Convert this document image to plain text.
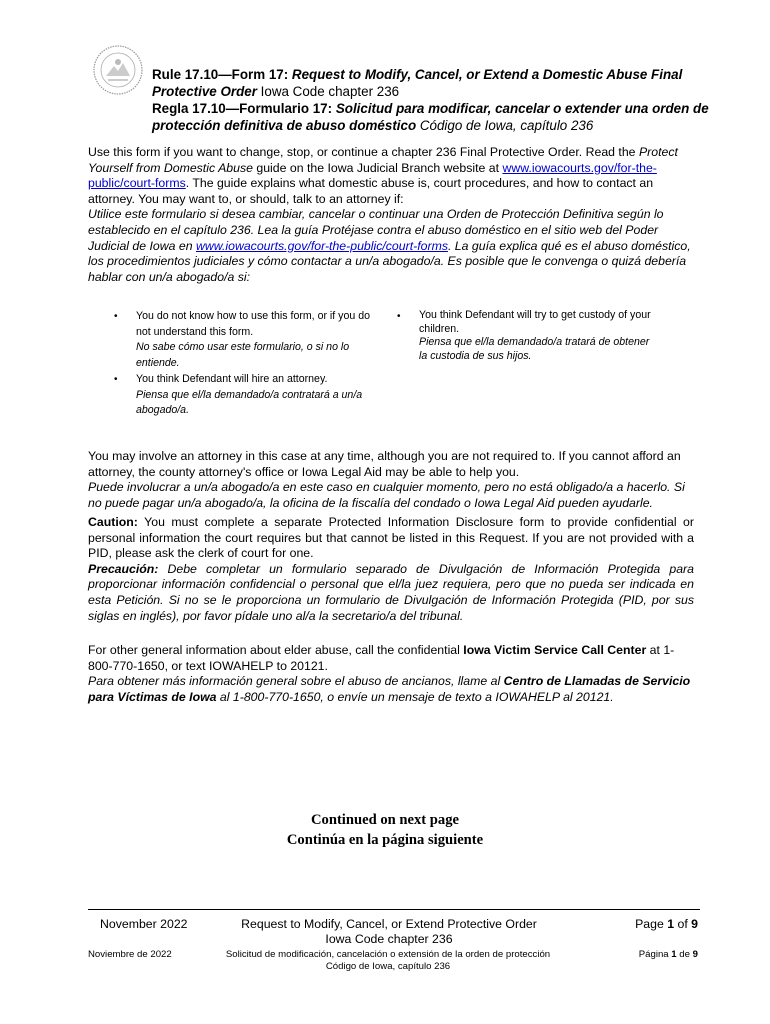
Rule 17.10—Form 17: Request to Modify, Cancel, or Extend a Domestic Abuse Final Protective Order Iowa Code chapter 236
Regla 17.10—Formulario 17: Solicitud para modificar, cancelar o extender una orden de protección definitiva de abuso doméstico Código de Iowa, capítulo 236
Use this form if you want to change, stop, or continue a chapter 236 Final Protective Order. Read the Protect Yourself from Domestic Abuse guide on the Iowa Judicial Branch website at www.iowacourts.gov/for-the-public/court-forms. The guide explains what domestic abuse is, court procedures, and how to contact an attorney. You may want to, or should, talk to an attorney if:
Utilice este formulario si desea cambiar, cancelar o continuar una Orden de Protección Definitiva según lo establecido en el capítulo 236. Lea la guía Protéjase contra el abuso doméstico en el sitio web del Poder Judicial de Iowa en www.iowacourts.gov/for-the-public/court-forms. La guía explica qué es el abuso doméstico, los procedimientos judiciales y cómo contactar a un/a abogado/a. Es posible que le convenga o quizá debería hablar con un/a abogado/a si:
• You do not know how to use this form, or if you do not understand this form.
No sabe cómo usar este formulario, o si no lo entiende.
• You think Defendant will hire an attorney.
Piensa que el/la demandado/a contratará a un/a abogado/a.
• You think Defendant will try to get custody of your children.
Piensa que el/la demandado/a tratará de obtener la custodia de sus hijos.
You may involve an attorney in this case at any time, although you are not required to. If you cannot afford an attorney, the county attorney's office or Iowa Legal Aid may be able to help you.
Puede involucrar a un/a abogado/a en este caso en cualquier momento, pero no está obligado/a a hacerlo. Si no puede pagar un/a abogado/a, la oficina de la fiscalía del condado o Iowa Legal Aid pueden ayudarle.
Caution: You must complete a separate Protected Information Disclosure form to provide confidential or personal information the court requires but that cannot be listed in this Request. If you are not provided with a PID, please ask the clerk of court for one.
Precaución: Debe completar un formulario separado de Divulgación de Información Protegida para proporcionar información confidencial o personal que el/la juez requiera, pero que no pueda ser indicada en esta Petición. Si no se le proporciona un formulario de Divulgación de Información Protegida (PID, por sus siglas en inglés), por favor pídale uno al/a la secretario/a del tribunal.
For other general information about elder abuse, call the confidential Iowa Victim Service Call Center at 1-800-770-1650, or text IOWAHELP to 20121.
Para obtener más información general sobre el abuso de ancianos, llame al Centro de Llamadas de Servicio para Víctimas de Iowa al 1-800-770-1650, o envíe un mensaje de texto a IOWAHELP al 20121.
Continued on next page
Continúa en la página siguiente
November 2022	Request to Modify, Cancel, or Extend Protective Order
Iowa Code chapter 236
Page 1 of 9
Noviembre de 2022	Solicitud de modificación, cancelación o extensión de la orden de protección
Código de Iowa, capítulo 236
Página 1 de 9
